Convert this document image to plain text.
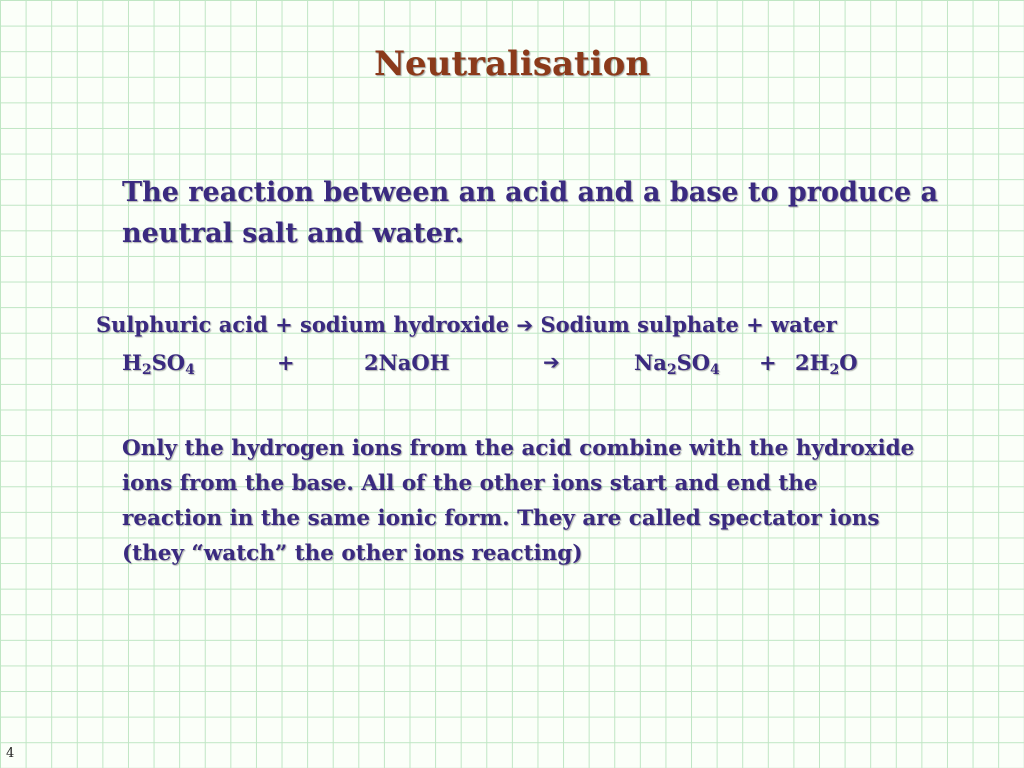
Neutralisation
The reaction between an acid and a base to produce a neutral salt and water.
Sulphuric acid + sodium hydroxide ➔ Sodium sulphate + water
$H_2SO_4$	+	2NaOH	➔	$Na_2SO_4 + 2H_2O$
Only the hydrogen ions from the acid combine with the hydroxide ions from the base. All of the other ions start and end the reaction in the same ionic form. They are called spectator ions (they “watch” the other ions reacting)
4
